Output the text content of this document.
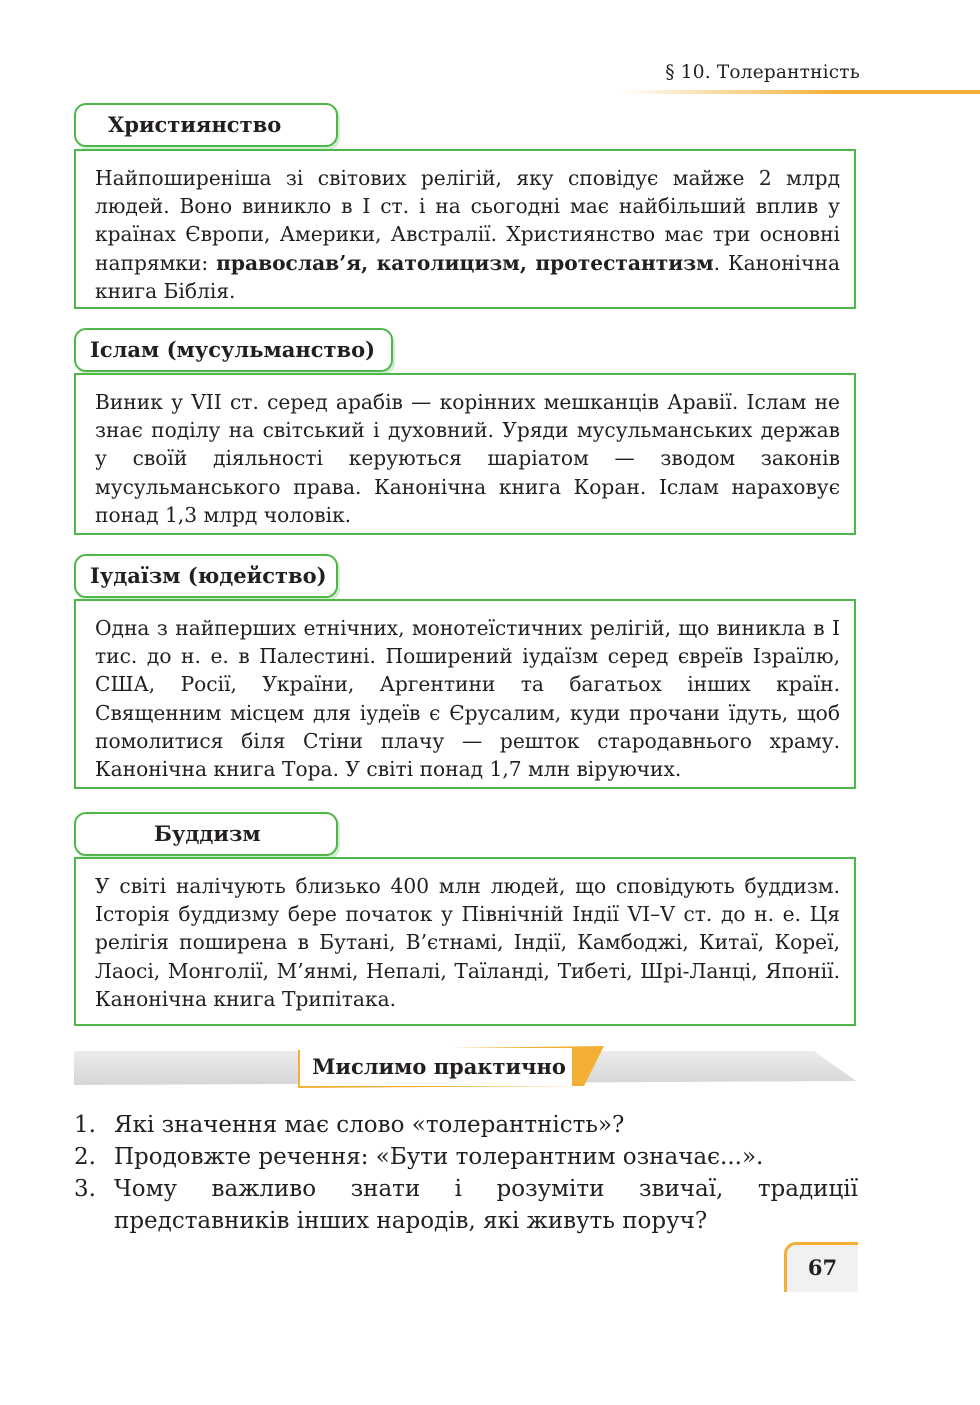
§ 10. Толерантність
Християнство
Найпоширеніша зі світових релігій, яку сповідує майже 2 млрд людей. Воно виникло в I ст. і на сьогодні має найбільший вплив у країнах Європи, Америки, Австралії. Християнство має три основні напрямки: православ’я, католицизм, протестантизм. Канонічна книга Біблія.
Іслам (мусульманство)
Виник у VII ст. серед арабів — корінних мешканців Аравії. Іслам не знає поділу на світський і духовний. Уряди мусульманських держав у своїй діяльності керуються шаріатом — зводом законів мусульманського права. Канонічна книга Коран. Іслам нараховує понад 1,3 млрд чоловік.
Іудаїзм (юдейство)
Одна з найперших етнічних, монотеїстичних релігій, що виникла в I тис. до н. е. в Палестині. Поширений іудаїзм серед євреїв Ізраїлю, США, Росії, України, Аргентини та багатьох інших країн. Священним місцем для іудеїв є Єрусалим, куди прочани їдуть, щоб помолитися біля Стіни плачу — решток стародавнього храму. Канонічна книга Тора. У світі понад 1,7 млн віруючих.
Буддизм
У світі налічують близько 400 млн людей, що сповідують буддизм. Історія буддизму бере початок у Північній Індії VI–V ст. до н. е. Ця релігія поширена в Бутані, В’єтнамі, Індії, Камбоджі, Китаї, Кореї, Лаосі, Монголії, М’янмі, Непалі, Таїланді, Тибеті, Шрі-Ланці, Японії. Канонічна книга Трипітака.
Мислимо практично
1. Які значення має слово «толерантність»?
2. Продовжте речення: «Бути толерантним означає...».
3. Чому важливо знати і розуміти звичаї, традиції представників інших народів, які живуть поруч?
67
